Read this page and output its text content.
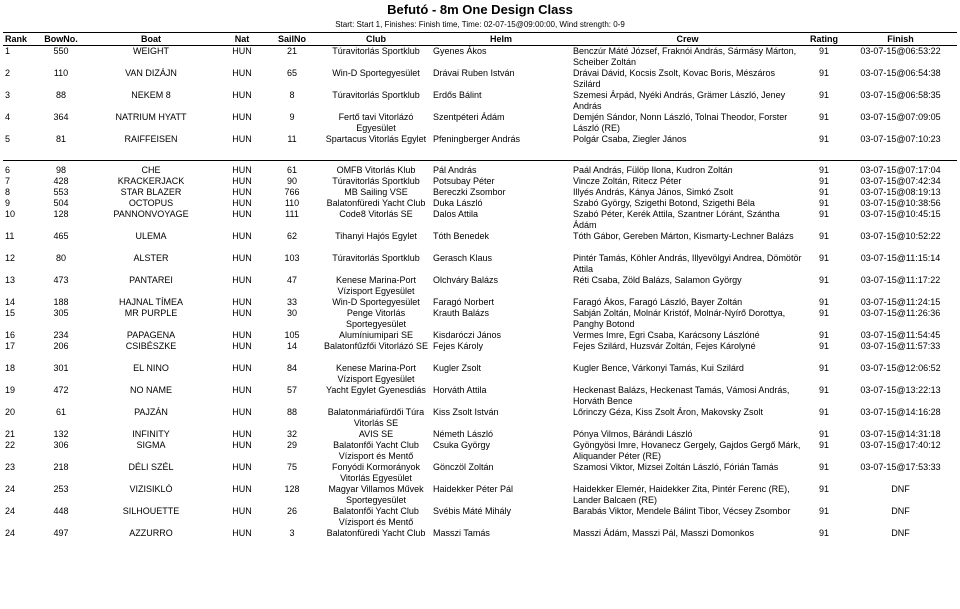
Befutó - 8m One Design Class
Start: Start 1, Finishes: Finish time, Time: 02-07-15@09:00:00, Wind strength: 0-9
Rank	BowNo.	Boat	Nat	SailNo	Club	Helm	Crew	Rating	Finish
1	550	WEIGHT	HUN	21	Túravitorlás Sportklub	Gyenes Ákos	Benczúr Máté József, Fraknói András, Sármásy Márton, Scheiber Zoltán	91	03-07-15@06:53:22
2	110	VAN DIZÁJN	HUN	65	Win-D Sportegyesület	Drávai Ruben István	Drávai Dávid, Kocsis Zsolt, Kovac Boris, Mészáros Szilárd	91	03-07-15@06:54:38
3	88	NEKEM 8	HUN	8	Túravitorlás Sportklub	Erdős Bálint	Szemesi Árpád, Nyéki András, Grämer László, Jeney András	91	03-07-15@06:58:35
4	364	NATRIUM HYATT	HUN	9	Fertő tavi Vitorlázó Egyesület	Szentpéteri Ádám	Demjén Sándor, Nonn László, Tolnai Theodor, Forster László (RE)	91	03-07-15@07:09:05
5	81	RAIFFEISEN	HUN	11	Spartacus Vitorlás Egylet	Pfeningberger András	Polgár Csaba, Ziegler János	91	03-07-15@07:10:23

6	98	CHE	HUN	61	OMFB Vitorlás Klub	Pál András	Paál András, Fülöp Ilona, Kudron Zoltán	91	03-07-15@07:17:04
7	428	KRACKERJACK	HUN	90	Túravitorlás Sportklub	Potsubay Péter	Vincze Zoltán, Ritecz Péter	91	03-07-15@07:42:34
8	553	STAR BLAZER	HUN	766	MB Sailing VSE	Bereczki Zsombor	Illyés András, Kánya János, Simkó Zsolt	91	03-07-15@08:19:13
9	504	OCTOPUS	HUN	110	Balatonfüredi Yacht Club	Duka László	Szabó György, Szigethi Botond, Szigethi Béla	91	03-07-15@10:38:56
10	128	PANNONVOYAGE	HUN	111	Code8 Vitorlás SE	Dalos Attila	Szabó Péter, Kerék Attila, Szantner Lóránt, Szántha Ádám	91	03-07-15@10:45:15
11	465	ULEMA	HUN	62	Tihanyi Hajós Egylet	Tóth Benedek	Tóth Gábor, Gereben Márton, Kismarty-Lechner Balázs	91	03-07-15@10:52:22
12	80	ALSTER	HUN	103	Túravitorlás Sportklub	Gerasch Klaus	Pintér Tamás, Köhler András, Illyevölgyi Andrea, Dömötör Attila	91	03-07-15@11:15:14
13	473	PANTAREI	HUN	47	Kenese Marina-Port Vízisport Egyesület	Olchváry Balázs	Réti Csaba, Zöld Balázs, Salamon György	91	03-07-15@11:17:22
14	188	HAJNAL TÍMEA	HUN	33	Win-D Sportegyesület	Faragó Norbert	Faragó Ákos, Faragó László, Bayer Zoltán	91	03-07-15@11:24:15
15	305	MR PURPLE	HUN	30	Penge Vitorlás Sportegyesület	Krauth Balázs	Sabján Zoltán, Molnár Kristóf, Molnár-Nyírő Dorottya, Panghy Botond	91	03-07-15@11:26:36
16	234	PAPAGENA	HUN	105	Alumíniumipari SE	Kisdaróczi János	Vermes Imre, Egri Csaba, Karácsony Lászlóné	91	03-07-15@11:54:45
17	206	CSIBÉSZKE	HUN	14	Balatonfűzfői Vitorlázó SE	Fejes Károly	Fejes Szilárd, Huzsvár Zoltán, Fejes Károlyné	91	03-07-15@11:57:33
18	301	EL NINO	HUN	84	Kenese Marina-Port Vízisport Egyesület	Kugler Zsolt	Kugler Bence, Várkonyi Tamás, Kui Szilárd	91	03-07-15@12:06:52
19	472	NO NAME	HUN	57	Yacht Egylet Gyenesdiás	Horváth Attila	Heckenast Balázs, Heckenast Tamás, Vámosi András, Horváth Bence	91	03-07-15@13:22:13
20	61	PAJZÁN	HUN	88	Balatonmáriafürdői Túra Vitorlás SE	Kiss Zsolt István	Lőrinczy Géza, Kiss Zsolt Áron, Makovsky Zsolt	91	03-07-15@14:16:28
21	132	INFINITY	HUN	32	AVIS SE	Németh László	Pónya Vilmos, Bárándi László	91	03-07-15@14:31:18
22	306	SIGMA	HUN	29	Balatonfői Yacht Club Vízisport és Mentő	Csuka György	Gyöngyösi Imre, Hovanecz Gergely, Gajdos Gergő Márk, Aliquander Péter (RE)	91	03-07-15@17:40:12
23	218	DÉLI SZÉL	HUN	75	Fonyódi Kormorányok Vitorlás Egyesület	Gönczöl Zoltán	Szamosi Viktor, Mizsei Zoltán László, Fórián Tamás	91	03-07-15@17:53:33
24	253	VIZISIKLÓ	HUN	128	Magyar Villamos Művek Sportegyesület	Haidekker Péter Pál	Haidekker Elemér, Haidekker Zita, Pintér Ferenc (RE), Lander Balcaen (RE)	91	DNF
24	448	SILHOUETTE	HUN	26	Balatonfői Yacht Club Vízisport és Mentő	Svébis Máté Mihály	Barabás Viktor, Mendele Bálint Tibor, Vécsey Zsombor	91	DNF
24	497	AZZURRO	HUN	3	Balatonfüredi Yacht Club	Masszi Tamás	Masszi Ádám, Masszi Pál, Masszi Domonkos	91	DNF
